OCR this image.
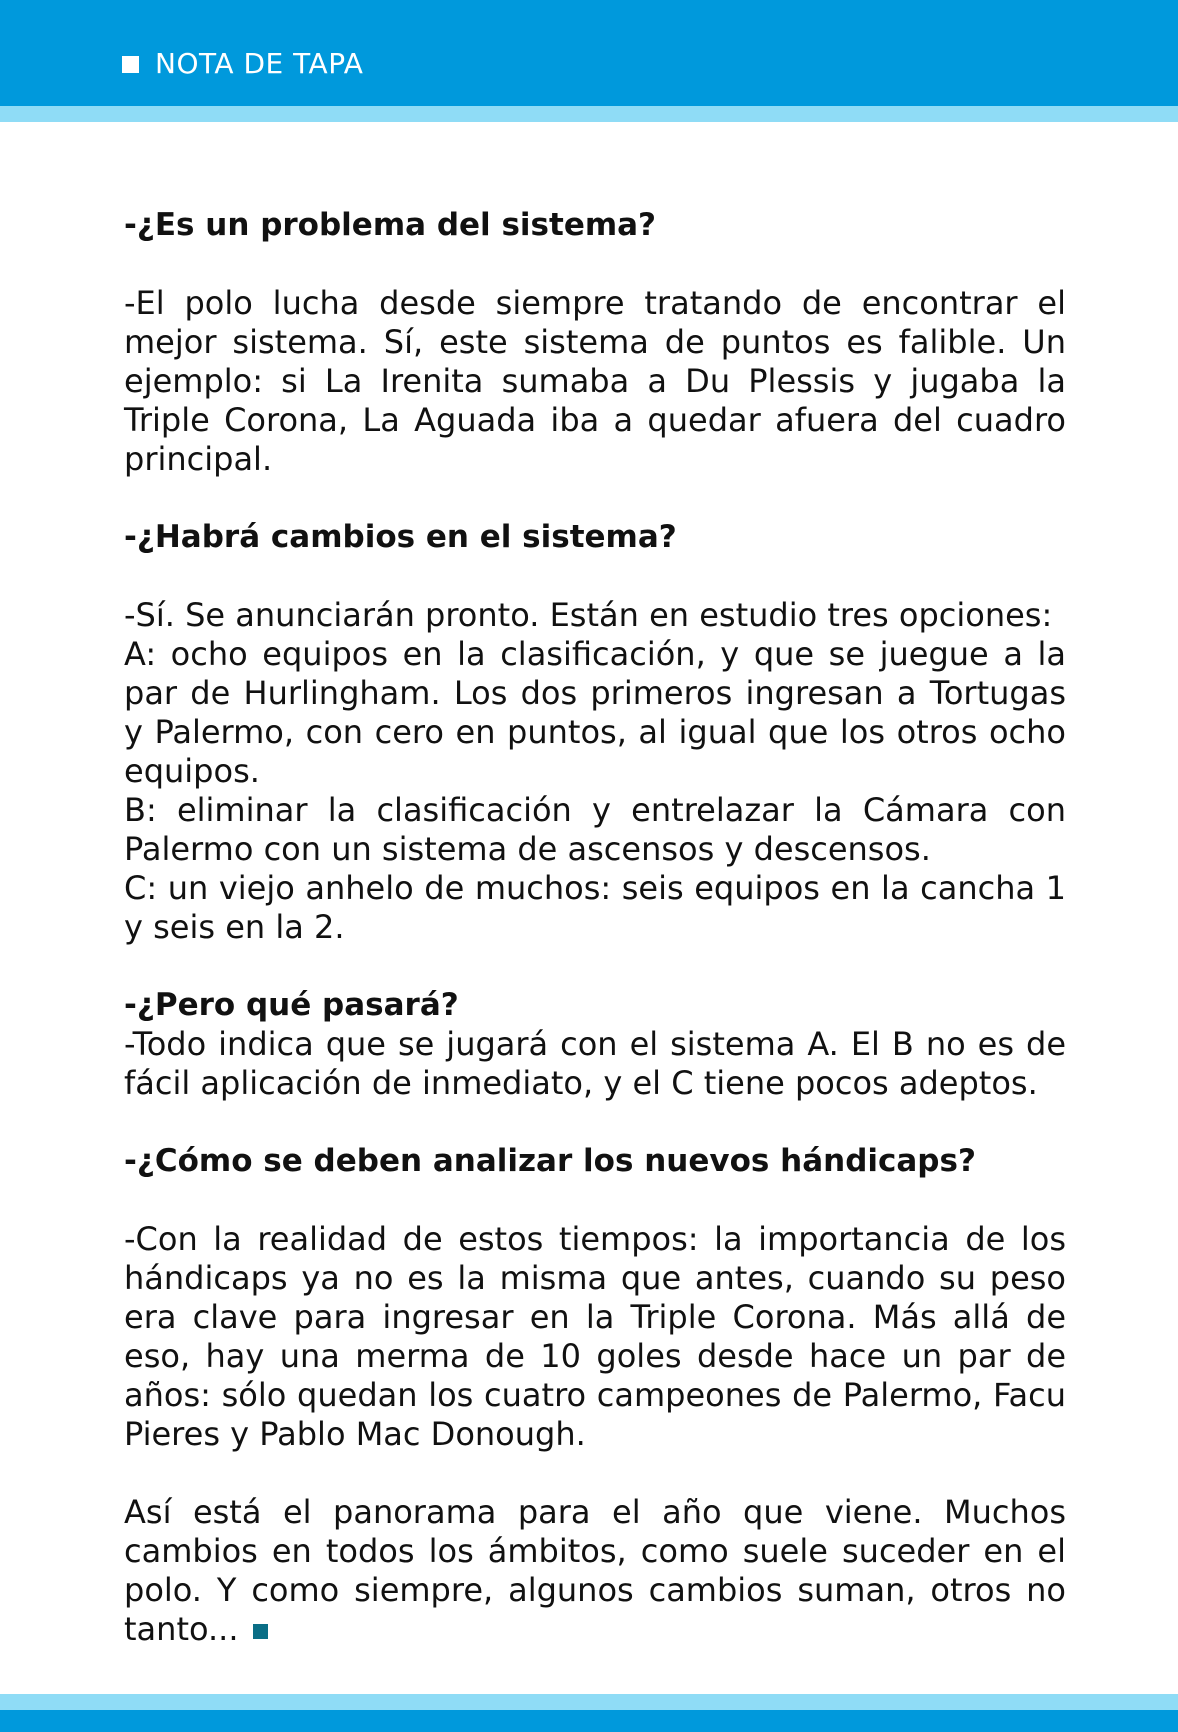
NOTA DE TAPA

-¿Es un problema del sistema?

-El polo lucha desde siempre tratando de encontrar el mejor sistema. Sí, este sistema de puntos es falible. Un ejemplo: si La Irenita sumaba a Du Plessis y jugaba la Triple Corona, La Aguada iba a quedar afuera del cuadro principal.

-¿Habrá cambios en el sistema?

-Sí. Se anunciarán pronto. Están en estudio tres opciones:

A: ocho equipos en la clasificación, y que se juegue a la par de Hurlingham. Los dos primeros ingresan a Tortugas y Palermo, con cero en puntos, al igual que los otros ocho equipos.

B: eliminar la clasificación y entrelazar la Cámara con Palermo con un sistema de ascensos y descensos.

C: un viejo anhelo de muchos: seis equipos en la cancha 1 y seis en la 2.

-¿Pero qué pasará?

-Todo indica que se jugará con el sistema A. El B no es de fácil aplicación de inmediato, y el C tiene pocos adeptos.

-¿Cómo se deben analizar los nuevos hándicaps?

-Con la realidad de estos tiempos: la importancia de los hándicaps ya no es la misma que antes, cuando su peso era clave para ingresar en la Triple Corona. Más allá de eso, hay una merma de 10 goles desde hace un par de años: sólo quedan los cuatro campeones de Palermo, Facu Pieres y Pablo Mac Donough.

Así está el panorama para el año que viene. Muchos cambios en todos los ámbitos, como suele suceder en el polo. Y como siempre, algunos cambios suman, otros no

tanto...
